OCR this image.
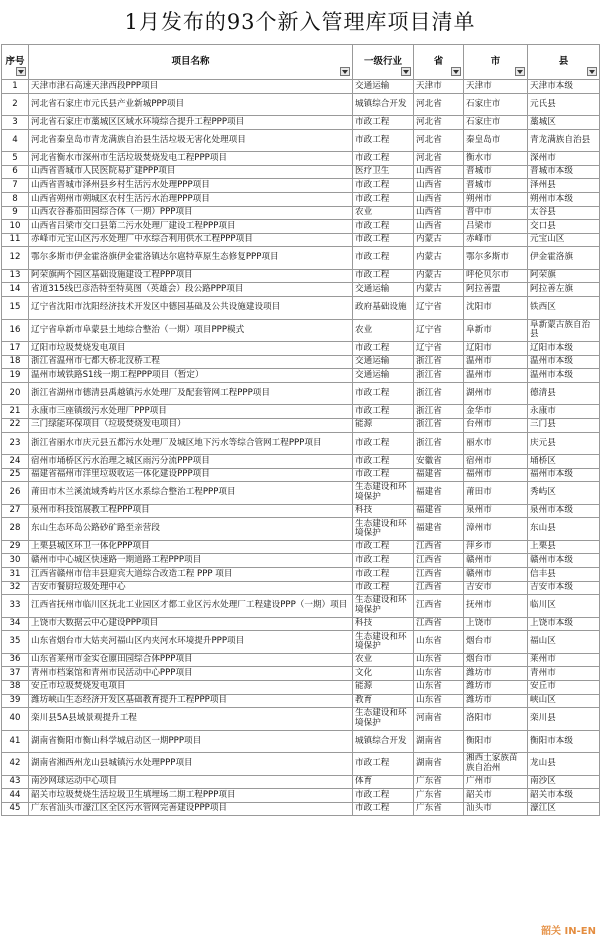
1月发布的93个新入管理库项目清单
序号	项目名称	一级行业	省	市	县

1	天津市津石高速天津西段PPP项目	交通运输	天津市	天津市	天津市本级
2	河北省石家庄市元氏县产业新城PPP项目	城镇综合开发	河北省	石家庄市	元氏县
3	河北省石家庄市藁城区区域水环境综合提升工程PPP项目	市政工程	河北省	石家庄市	藁城区
4	河北省秦皇岛市青龙满族自治县生活垃圾无害化处理项目	市政工程	河北省	秦皇岛市	青龙满族自治县
5	河北省衡水市深州市生活垃圾焚烧发电工程PPP项目	市政工程	河北省	衡水市	深州市
6	山西省晋城市人民医院易扩建PPP项目	医疗卫生	山西省	晋城市	晋城市本级
7	山西省晋城市泽州县乡村生活污水处理PPP项目	市政工程	山西省	晋城市	泽州县
8	山西省朔州市朔城区农村生活污水治理PPP项目	市政工程	山西省	朔州市	朔州市本级
9	山西农谷番茄田园综合体（一期）PPP项目	农业	山西省	晋中市	太谷县
10	山西省吕梁市交口县第二污水处理厂建设工程PPP项目	市政工程	山西省	吕梁市	交口县
11	赤峰市元宝山区污水处理厂中水综合利用供水工程PPP项目	市政工程	内蒙古	赤峰市	元宝山区
12	鄂尔多斯市伊金霍洛旗伊金霍洛镇达尔扈特草原生态修复PPP项目	市政工程	内蒙古	鄂尔多斯市	伊金霍洛旗
13	阿荣旗两个园区基础设施建设工程PPP项目	市政工程	内蒙古	呼伦贝尔市	阿荣旗
14	省道315线巴彦浩特至特莫图（英雄会）段公路PPP项目	交通运输	内蒙古	阿拉善盟	阿拉善左旗
15	辽宁省沈阳市沈阳经济技术开发区中德园基础及公共设施建设项目	政府基础设施	辽宁省	沈阳市	铁西区
16	辽宁省阜新市阜蒙县土地综合整治（一期）项目PPP模式	农业	辽宁省	阜新市	阜新蒙古族自治县
17	辽阳市垃圾焚烧发电项目	市政工程	辽宁省	辽阳市	辽阳市本级
18	浙江省温州市七都大桥北汊桥工程	交通运输	浙江省	温州市	温州市本级
19	温州市域铁路S1线一期工程PPP项目（暂定）	交通运输	浙江省	温州市	温州市本级
20	浙江省湖州市德清县禹越镇污水处理厂及配套管网工程PPP项目	市政工程	浙江省	湖州市	德清县
21	永康市三座镇级污水处理厂PPP项目	市政工程	浙江省	金华市	永康市
22	三门绿能环保项目（垃圾焚烧发电项目）	能源	浙江省	台州市	三门县
23	浙江省丽水市庆元县五都污水处理厂及城区地下污水等综合管网工程PPP项目	市政工程	浙江省	丽水市	庆元县
24	宿州市埇桥区污水治理之城区雨污分流PPP项目	市政工程	安徽省	宿州市	埇桥区
25	福建省福州市洋里垃圾收运一体化建设PPP项目	市政工程	福建省	福州市	福州市本级
26	莆田市木兰溪流域秀屿片区水系综合整治工程PPP项目	生态建设和环境保护	福建省	莆田市	秀屿区
27	泉州市科技馆展教工程PPP项目	科技	福建省	泉州市	泉州市本级
28	东山生态环岛公路砂矿路至亲营段	生态建设和环境保护	福建省	漳州市	东山县
29	上栗县城区环卫一体化PPP项目	市政工程	江西省	萍乡市	上栗县
30	赣州市中心城区快速路一期道路工程PPP项目	市政工程	江西省	赣州市	赣州市本级
31	江西省赣州市信丰县迎宾大道综合改造工程 PPP 项目	市政工程	江西省	赣州市	信丰县
32	吉安市餐厨垃圾处理中心	市政工程	江西省	吉安市	吉安市本级
33	江西省抚州市临川区抚北工业园区才都工业区污水处理厂工程建设PPP（一期）项目	生态建设和环境保护	江西省	抚州市	临川区
34	上饶市大数据云中心建设PPP项目	科技	江西省	上饶市	上饶市本级
35	山东省烟台市大姑夹河福山区内夹河水环境提升PPP项目	生态建设和环境保护	山东省	烟台市	福山区
36	山东省莱州市金实仓廪田园综合体PPP项目	农业	山东省	烟台市	莱州市
37	青州市档案馆和青州市民活动中心PPP项目	文化	山东省	潍坊市	青州市
38	安丘市垃圾焚烧发电项目	能源	山东省	潍坊市	安丘市
39	潍坊峡山生态经济开发区基础教育提升工程PPP项目	教育	山东省	潍坊市	峡山区
40	栾川县5A县域景观提升工程	生态建设和环境保护	河南省	洛阳市	栾川县
41	湖南省衡阳市衡山科学城启动区一期PPP项目	城镇综合开发	湖南省	衡阳市	衡阳市本级
42	湖南省湘西州龙山县城镇污水处理PPP项目	市政工程	湖南省	湘西土家族苗族自治州	龙山县
43	南沙网球运动中心项目	体育	广东省	广州市	南沙区
44	韶关市垃圾焚烧生活垃圾卫生填埋场二期工程PPP项目	市政工程	广东省	韶关市	韶关市本级
45	广东省汕头市濠江区全区污水管网完善建设PPP项目	市政工程	广东省	汕头市	濠江区
韶关 IN-EN
